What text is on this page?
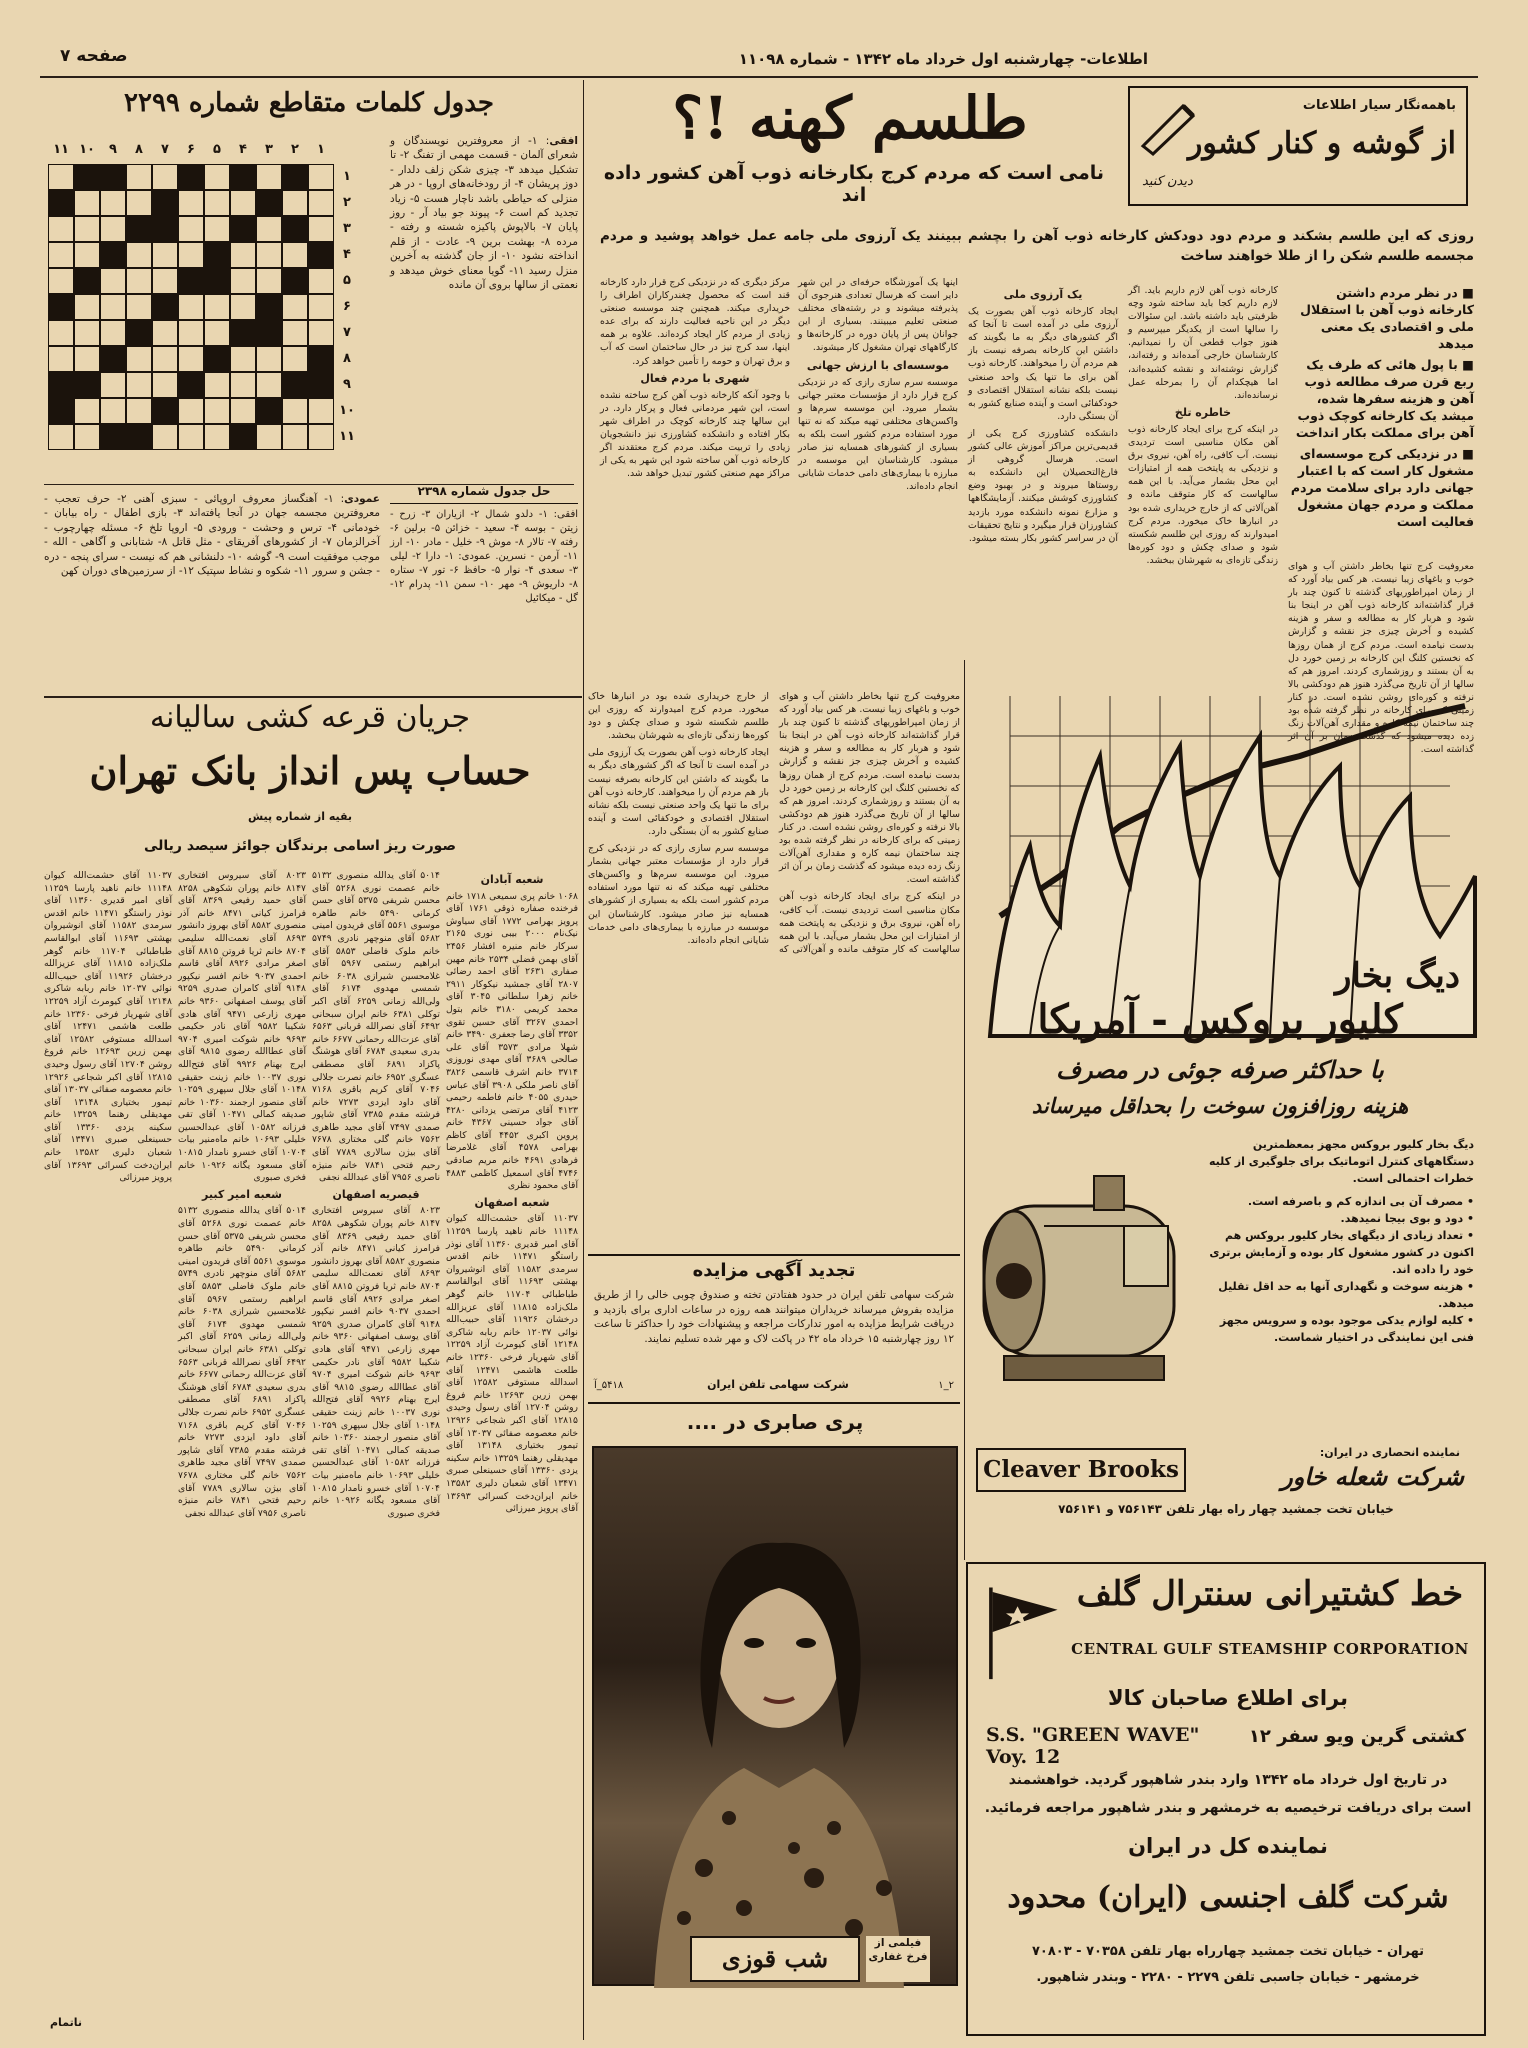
اطلاعات- چهارشنبه اول خرداد ماه ۱۳۴۲ - شماره ۱۱۰۹۸
صفحه ۷
باهمه‌نگار سیار اطلاعات
از گوشه و کنار کشور
دیدن کنید
طلسم کهنه !؟
نامی است که مردم کرج بکارخانه ذوب آهن کشور داده اند
روزی که این طلسم بشکند و مردم دود دودکش کارخانه ذوب آهن را بچشم ببینند یک آرزوی ملی جامه عمل خواهد پوشید و مردم مجسمه طلسم شکن را از طلا خواهند ساخت
■ در نظر مردم داشتن کارخانه ذوب آهن با استقلال ملی و اقتصادی یک معنی میدهد
■ با پول هائی که طرف یک ربع قرن صرف مطالعه ذوب آهن و هزینه سفرها شده، میشد یک کارخانه کوچک ذوب آهن برای مملکت بکار انداخت
■ در نزدیکی کرج موسسه‌ای مشغول کار است که با اعتبار جهانی دارد برای سلامت مردم مملکت و مردم جهان مشغول فعالیت است
معروفیت کرج تنها بخاطر داشتن آب و هوای خوب و باغهای زیبا نیست. هر کس بیاد آورد که از زمان امپراطوریهای گذشته تا کنون چند بار قرار گذاشته‌اند کارخانه ذوب آهن در اینجا بنا شود و هربار کار به مطالعه و سفر و هزینه کشیده و آخرش چیزی جز نقشه و گزارش بدست نیامده است. مردم کرج از همان روزها که نخستین کلنگ این کارخانه بر زمین خورد دل به آن بستند و روزشماری کردند. امروز هم که سالها از آن تاریخ می‌گذرد هنوز هم دودکشی بالا نرفته و کوره‌ای روشن نشده است. در کنار زمینی که برای کارخانه در نظر گرفته شده بود چند ساختمان نیمه کاره و مقداری آهن‌آلات زنگ زده دیده میشود که گذشت زمان بر آن اثر گذاشته است.

کارخانه ذوب آهن لازم داریم باید. اگر لازم داریم کجا باید ساخته شود وچه ظرفیتی باید داشته باشد. این سئوالات را سالها است از یکدیگر میپرسیم و هنوز جواب قطعی آن را نمیدانیم. کارشناسان خارجی آمده‌اند و رفته‌اند، گزارش نوشته‌اند و نقشه کشیده‌اند، اما هیچکدام آن را بمرحله عمل نرسانده‌اند.

خاطره تلخ

در اینکه کرج برای ایجاد کارخانه ذوب آهن مکان مناسبی است تردیدی نیست. آب کافی، راه آهن، نیروی برق و نزدیکی به پایتخت همه از امتیازات این محل بشمار می‌آید. با این همه سالهاست که کار متوقف مانده و آهن‌آلاتی که از خارج خریداری شده بود در انبارها خاک میخورد. مردم کرج امیدوارند که روزی این طلسم شکسته شود و صدای چکش و دود کوره‌ها زندگی تازه‌ای به شهرشان ببخشد.

یک آرزوی ملی

ایجاد کارخانه ذوب آهن بصورت یک آرزوی ملی در آمده است تا آنجا که اگر کشورهای دیگر به ما بگویند که داشتن این کارخانه بصرفه نیست باز هم مردم آن را میخواهند. کارخانه ذوب آهن برای ما تنها یک واحد صنعتی نیست بلکه نشانه استقلال اقتصادی و خودکفائی است و آینده صنایع کشور به آن بستگی دارد.

دانشکده کشاورزی کرج یکی از قدیمی‌ترین مراکز آموزش عالی کشور است. هرسال گروهی از فارغ‌التحصیلان این دانشکده به روستاها میروند و در بهبود وضع کشاورزی کوشش میکنند. آزمایشگاهها و مزارع نمونه دانشکده مورد بازدید کشاورزان قرار میگیرد و نتایج تحقیقات آن در سراسر کشور بکار بسته میشود.

اینها یک آموزشگاه حرفه‌ای در این شهر دایر است که هرسال تعدادی هنرجوی آن پذیرفته میشوند و در رشته‌های مختلف صنعتی تعلیم میبینند. بسیاری از این جوانان پس از پایان دوره در کارخانه‌ها و کارگاههای تهران مشغول کار میشوند.

موسسه‌ای با ارزش جهانی

موسسه سرم سازی رازی که در نزدیکی کرج قرار دارد از مؤسسات معتبر جهانی بشمار میرود. این موسسه سرم‌ها و واکسن‌های مختلفی تهیه میکند که نه تنها مورد استفاده مردم کشور است بلکه به بسیاری از کشورهای همسایه نیز صادر میشود. کارشناسان این موسسه در مبارزه با بیماری‌های دامی خدمات شایانی انجام داده‌اند.

مرکز دیگری که در نزدیکی کرج قرار دارد کارخانه قند است که محصول چغندرکاران اطراف را خریداری میکند. همچنین چند موسسه صنعتی دیگر در این ناحیه فعالیت دارند که برای عده زیادی از مردم کار ایجاد کرده‌اند. علاوه بر همه اینها، سد کرج نیز در حال ساختمان است که آب و برق تهران و حومه را تأمین خواهد کرد.

شهری با مردم فعال

با وجود آنکه کارخانه ذوب آهن کرج ساخته نشده است، این شهر مردمانی فعال و پرکار دارد. در این سالها چند کارخانه کوچک در اطراف شهر بکار افتاده و دانشکده کشاورزی نیز دانشجویان زیادی را تربیت میکند. مردم کرج معتقدند اگر کارخانه ذوب آهن ساخته شود این شهر به یکی از مراکز مهم صنعتی کشور تبدیل خواهد شد.

معروفیت کرج تنها بخاطر داشتن آب و هوای خوب و باغهای زیبا نیست. هر کس بیاد آورد که از زمان امپراطوریهای گذشته تا کنون چند بار قرار گذاشته‌اند کارخانه ذوب آهن در اینجا بنا شود و هربار کار به مطالعه و سفر و هزینه کشیده و آخرش چیزی جز نقشه و گزارش بدست نیامده است. مردم کرج از همان روزها که نخستین کلنگ این کارخانه بر زمین خورد دل به آن بستند و روزشماری کردند. امروز هم که سالها از آن تاریخ می‌گذرد هنوز هم دودکشی بالا نرفته و کوره‌ای روشن نشده است. در کنار زمینی که برای کارخانه در نظر گرفته شده بود چند ساختمان نیمه کاره و مقداری آهن‌آلات زنگ زده دیده میشود که گذشت زمان بر آن اثر گذاشته است.

در اینکه کرج برای ایجاد کارخانه ذوب آهن مکان مناسبی است تردیدی نیست. آب کافی، راه آهن، نیروی برق و نزدیکی به پایتخت همه از امتیازات این محل بشمار می‌آید. با این همه سالهاست که کار متوقف مانده و آهن‌آلاتی که از خارج خریداری شده بود در انبارها خاک میخورد. مردم کرج امیدوارند که روزی این طلسم شکسته شود و صدای چکش و دود کوره‌ها زندگی تازه‌ای به شهرشان ببخشد.

ایجاد کارخانه ذوب آهن بصورت یک آرزوی ملی در آمده است تا آنجا که اگر کشورهای دیگر به ما بگویند که داشتن این کارخانه بصرفه نیست باز هم مردم آن را میخواهند. کارخانه ذوب آهن برای ما تنها یک واحد صنعتی نیست بلکه نشانه استقلال اقتصادی و خودکفائی است و آینده صنایع کشور به آن بستگی دارد.

موسسه سرم سازی رازی که در نزدیکی کرج قرار دارد از مؤسسات معتبر جهانی بشمار میرود. این موسسه سرم‌ها و واکسن‌های مختلفی تهیه میکند که نه تنها مورد استفاده مردم کشور است بلکه به بسیاری از کشورهای همسایه نیز صادر میشود. کارشناسان این موسسه در مبارزه با بیماری‌های دامی خدمات شایانی انجام داده‌اند.

جدول کلمات متقاطع شماره ۲۲۹۹
۱
۲
۳
۴
۵
۶
۷
۸
۹
۱۰
۱۱
۱
۲
۳
۴
۵
۶
۷
۸
۹
۱۰
۱۱
افقی: ۱- از معروفترین نویسندگان و شعرای آلمان - قسمت مهمی از تفنگ ۲- تا تشکیل میدهد ۳- چیزی شکن زلف دلدار - دوز پریشان ۴- از رودخانه‌های اروپا - در هر منزلی که حیاطی باشد ناچار هست ۵- زیاد تجدید کم است ۶- پیوند جو بیاد آر - روز پایان ۷- بالاپوش پاکیزه شسته و رفته - مرده ۸- بهشت برین ۹- عادت - از قلم انداخته نشود ۱۰- از جان گذشته به آخرین منزل رسید ۱۱- گویا معنای خوش میدهد و نعمتی از سالها بروی آن مانده
عمودی: ۱- آهنگساز معروف اروپائی - سبزی آهنی ۲- حرف تعجب - معروفترین مجسمه جهان در آنجا یافته‌اند ۳- بازی اطفال - راه بیابان - خودمانی ۴- ترس و وحشت - ورودی ۵- اروپا تلخ ۶- مسئله چهارچوب - آخرالزمان ۷- از کشورهای آفریقای - مثل قاتل ۸- شتابانی و آگاهی - الله - موجب موفقیت است ۹- گوشه ۱۰- دلنشانی هم که نیست - سرای پنجه - دره - جشن و سرور ۱۱- شکوه و نشاط سپتیک ۱۲- از سرزمین‌های دوران کهن
حل جدول شماره ۲۳۹۸
افقی: ۱- دلدو شمال ۲- ازیاران ۳- زرح - زیتن - بوسه ۴- سعید - خزائن ۵- برلین ۶- رفته ۷- تالار ۸- موش ۹- خلیل - مادر ۱۰- ارز ۱۱- آرمن - نسرین. عمودی: ۱- دارا ۲- لیلی ۳- سعدی ۴- نوار ۵- حافظ ۶- تور ۷- ستاره ۸- داریوش ۹- مهر ۱۰- سمن ۱۱- پدرام ۱۲- گل - میکائیل
جریان قرعه کشی سالیانه
حساب پس انداز بانک تهران
بقیه از شماره پیش
صورت ریز اسامی برندگان جوائز سیصد ریالی
۱۱۰۳۷ آقای حشمت‌الله کیوان ۱۱۱۴۸ خانم ناهید پارسا ۱۱۲۵۹ آقای امیر قدیری ۱۱۳۶۰ آقای نوذر راستگو ۱۱۴۷۱ خانم اقدس سرمدی ۱۱۵۸۲ آقای انوشیروان بهشتی ۱۱۶۹۳ آقای ابوالقاسم طباطبائی ۱۱۷۰۴ خانم گوهر ملک‌زاده ۱۱۸۱۵ آقای عزیزالله درخشان ۱۱۹۲۶ آقای حبیب‌الله نوائی ۱۲۰۳۷ خانم ربابه شاکری ۱۲۱۴۸ آقای کیومرث آزاد ۱۲۲۵۹ آقای شهریار فرخی ۱۲۳۶۰ خانم طلعت هاشمی ۱۲۴۷۱ آقای اسدالله مستوفی ۱۲۵۸۲ آقای بهمن زرین ۱۲۶۹۳ خانم فروغ روشن ۱۲۷۰۴ آقای رسول وحیدی ۱۲۸۱۵ آقای اکبر شجاعی ۱۲۹۲۶ خانم معصومه صفائی ۱۳۰۳۷ آقای تیمور بختیاری ۱۳۱۴۸ آقای مهدیقلی رهنما ۱۳۲۵۹ خانم سکینه یزدی ۱۳۳۶۰ آقای حسینعلی صبری ۱۳۴۷۱ آقای شعبان دلیری ۱۳۵۸۲ خانم ایران‌دخت کسرائی ۱۳۶۹۳ آقای پرویز میرزائی
۸۰۲۳ آقای سیروس افتخاری ۸۱۴۷ خانم پوران شکوهی ۸۲۵۸ آقای حمید رفیعی ۸۳۶۹ آقای فرامرز کیانی ۸۴۷۱ خانم آذر منصوری ۸۵۸۲ آقای بهروز دانشور ۸۶۹۳ آقای نعمت‌الله سلیمی ۸۷۰۴ خانم ثریا فروتن ۸۸۱۵ آقای اصغر مرادی ۸۹۲۶ آقای قاسم احمدی ۹۰۳۷ خانم افسر نیکپور ۹۱۴۸ آقای کامران صدری ۹۲۵۹ آقای یوسف اصفهانی ۹۳۶۰ خانم مهری زارعی ۹۴۷۱ آقای هادی شکیبا ۹۵۸۲ آقای نادر حکیمی ۹۶۹۳ خانم شوکت امیری ۹۷۰۴ آقای عطاالله رضوی ۹۸۱۵ آقای ایرج بهنام ۹۹۲۶ آقای فتح‌الله نوری ۱۰۰۳۷ خانم زینت حقیقی ۱۰۱۴۸ آقای جلال سپهری ۱۰۲۵۹ آقای منصور ارجمند ۱۰۳۶۰ خانم صدیقه کمالی ۱۰۴۷۱ آقای تقی فرزانه ۱۰۵۸۲ آقای عبدالحسین خلیلی ۱۰۶۹۳ خانم ماه‌منیر بیات ۱۰۷۰۴ آقای خسرو نامدار ۱۰۸۱۵ آقای مسعود یگانه ۱۰۹۲۶ خانم فخری صبوری
شعبه امیر کبیر
۵۰۱۴ آقای یدالله منصوری ۵۱۳۲ خانم عصمت نوری ۵۲۶۸ آقای محسن شریفی ۵۳۷۵ آقای حسن کرمانی ۵۴۹۰ خانم طاهره موسوی ۵۵۶۱ آقای فریدون امینی ۵۶۸۲ آقای منوچهر نادری ۵۷۴۹ خانم ملوک فاضلی ۵۸۵۳ آقای ابراهیم رستمی ۵۹۶۷ آقای غلامحسین شیرازی ۶۰۳۸ خانم شمسی مهدوی ۶۱۷۴ آقای ولی‌الله زمانی ۶۲۵۹ آقای اکبر توکلی ۶۳۸۱ خانم ایران سبحانی ۶۴۹۲ آقای نصرالله قربانی ۶۵۶۳ آقای عزت‌الله رحمانی ۶۶۷۷ خانم بدری سعیدی ۶۷۸۴ آقای هوشنگ پاکزاد ۶۸۹۱ آقای مصطفی عسگری ۶۹۵۲ خانم نصرت جلالی ۷۰۴۶ آقای کریم باقری ۷۱۶۸ آقای داود ایزدی ۷۲۷۳ خانم فرشته مقدم ۷۳۸۵ آقای شاپور صمدی ۷۴۹۷ آقای مجید طاهری ۷۵۶۲ خانم گلی مختاری ۷۶۷۸ آقای بیژن سالاری ۷۷۸۹ آقای رحیم فتحی ۷۸۴۱ خانم منیژه ناصری ۷۹۵۶ آقای عبدالله نجفی
۵۰۱۴ آقای یدالله منصوری ۵۱۳۲ خانم عصمت نوری ۵۲۶۸ آقای محسن شریفی ۵۳۷۵ آقای حسن کرمانی ۵۴۹۰ خانم طاهره موسوی ۵۵۶۱ آقای فریدون امینی ۵۶۸۲ آقای منوچهر نادری ۵۷۴۹ خانم ملوک فاضلی ۵۸۵۳ آقای ابراهیم رستمی ۵۹۶۷ آقای غلامحسین شیرازی ۶۰۳۸ خانم شمسی مهدوی ۶۱۷۴ آقای ولی‌الله زمانی ۶۲۵۹ آقای اکبر توکلی ۶۳۸۱ خانم ایران سبحانی ۶۴۹۲ آقای نصرالله قربانی ۶۵۶۳ آقای عزت‌الله رحمانی ۶۶۷۷ خانم بدری سعیدی ۶۷۸۴ آقای هوشنگ پاکزاد ۶۸۹۱ آقای مصطفی عسگری ۶۹۵۲ خانم نصرت جلالی ۷۰۴۶ آقای کریم باقری ۷۱۶۸ آقای داود ایزدی ۷۲۷۳ خانم فرشته مقدم ۷۳۸۵ آقای شاپور صمدی ۷۴۹۷ آقای مجید طاهری ۷۵۶۲ خانم گلی مختاری ۷۶۷۸ آقای بیژن سالاری ۷۷۸۹ آقای رحیم فتحی ۷۸۴۱ خانم منیژه ناصری ۷۹۵۶ آقای عبدالله نجفی
قیصریه اصفهان
۸۰۲۳ آقای سیروس افتخاری ۸۱۴۷ خانم پوران شکوهی ۸۲۵۸ آقای حمید رفیعی ۸۳۶۹ آقای فرامرز کیانی ۸۴۷۱ خانم آذر منصوری ۸۵۸۲ آقای بهروز دانشور ۸۶۹۳ آقای نعمت‌الله سلیمی ۸۷۰۴ خانم ثریا فروتن ۸۸۱۵ آقای اصغر مرادی ۸۹۲۶ آقای قاسم احمدی ۹۰۳۷ خانم افسر نیکپور ۹۱۴۸ آقای کامران صدری ۹۲۵۹ آقای یوسف اصفهانی ۹۳۶۰ خانم مهری زارعی ۹۴۷۱ آقای هادی شکیبا ۹۵۸۲ آقای نادر حکیمی ۹۶۹۳ خانم شوکت امیری ۹۷۰۴ آقای عطاالله رضوی ۹۸۱۵ آقای ایرج بهنام ۹۹۲۶ آقای فتح‌الله نوری ۱۰۰۳۷ خانم زینت حقیقی ۱۰۱۴۸ آقای جلال سپهری ۱۰۲۵۹ آقای منصور ارجمند ۱۰۳۶۰ خانم صدیقه کمالی ۱۰۴۷۱ آقای تقی فرزانه ۱۰۵۸۲ آقای عبدالحسین خلیلی ۱۰۶۹۳ خانم ماه‌منیر بیات ۱۰۷۰۴ آقای خسرو نامدار ۱۰۸۱۵ آقای مسعود یگانه ۱۰۹۲۶ خانم فخری صبوری
شعبه آبادان
۱۰۶۸ خانم پری سمیعی ۱۷۱۸ خانم فرخنده صفاره ذوقی ۱۷۶۱ آقای پرویز بهرامی ۱۷۷۲ آقای سیاوش نیک‌نام ۲۰۰۰ بیبی نوری ۲۱۶۵ سرکار خانم منیره افشار ۲۴۵۶ آقای بهمن فضلی ۲۵۳۴ خانم مهین صفاری ۲۶۳۱ آقای احمد رضائی ۲۸۰۷ آقای جمشید نیکوکار ۲۹۱۱ خانم زهرا سلطانی ۳۰۴۵ آقای محمد کریمی ۳۱۸۰ خانم بتول احمدی ۳۲۶۷ آقای حسین تقوی ۳۳۵۲ آقای رضا جعفری ۳۴۹۰ خانم شهلا مرادی ۳۵۷۳ آقای علی صالحی ۳۶۸۹ آقای مهدی نوروزی ۳۷۱۴ خانم اشرف قاسمی ۳۸۲۶ آقای ناصر ملکی ۳۹۰۸ آقای عباس حیدری ۴۰۵۵ خانم فاطمه رحیمی ۴۱۲۳ آقای مرتضی یزدانی ۴۲۸۰ آقای جواد حسینی ۴۳۶۷ خانم پروین اکبری ۴۴۵۲ آقای کاظم بهرامی ۴۵۷۸ آقای غلامرضا فرهادی ۴۶۹۱ خانم مریم صادقی ۴۷۴۶ آقای اسمعیل کاظمی ۴۸۸۳ آقای محمود نظری
شعبه اصفهان
۱۱۰۳۷ آقای حشمت‌الله کیوان ۱۱۱۴۸ خانم ناهید پارسا ۱۱۲۵۹ آقای امیر قدیری ۱۱۳۶۰ آقای نوذر راستگو ۱۱۴۷۱ خانم اقدس سرمدی ۱۱۵۸۲ آقای انوشیروان بهشتی ۱۱۶۹۳ آقای ابوالقاسم طباطبائی ۱۱۷۰۴ خانم گوهر ملک‌زاده ۱۱۸۱۵ آقای عزیزالله درخشان ۱۱۹۲۶ آقای حبیب‌الله نوائی ۱۲۰۳۷ خانم ربابه شاکری ۱۲۱۴۸ آقای کیومرث آزاد ۱۲۲۵۹ آقای شهریار فرخی ۱۲۳۶۰ خانم طلعت هاشمی ۱۲۴۷۱ آقای اسدالله مستوفی ۱۲۵۸۲ آقای بهمن زرین ۱۲۶۹۳ خانم فروغ روشن ۱۲۷۰۴ آقای رسول وحیدی ۱۲۸۱۵ آقای اکبر شجاعی ۱۲۹۲۶ خانم معصومه صفائی ۱۳۰۳۷ آقای تیمور بختیاری ۱۳۱۴۸ آقای مهدیقلی رهنما ۱۳۲۵۹ خانم سکینه یزدی ۱۳۳۶۰ آقای حسینعلی صبری ۱۳۴۷۱ آقای شعبان دلیری ۱۳۵۸۲ خانم ایران‌دخت کسرائی ۱۳۶۹۳ آقای پرویز میرزائی
ناتمام
تجدید آگهی مزایده
شرکت سهامی تلفن ایران در حدود هفتادتن تخته و صندوق چوبی خالی را از طریق مزایده بفروش میرساند خریداران میتوانند همه روزه در ساعات اداری برای بازدید و دریافت شرایط مزایده به امور تدارکات مراجعه و پیشنهادات خود را حداکثر تا ساعت ۱۲ روز چهارشنبه ۱۵ خرداد ماه ۴۲ در پاکت لاک و مهر شده تسلیم نمایند.
۲_۱
شرکت سهامی تلفن ایران
۵۴۱۸_آ
پری صابری در ....
شب قوزی
فیلمی از فرخ غفاری
دیگ بخار
کلیور بروکس - آمریکا
با حداکثر صرفه جوئی در مصرف
هزینه روزافزون سوخت را بحداقل میرساند
دیگ بخار کلیور بروکس مجهز بمعظمترین دستگاههای کنترل اتوماتیک برای جلوگیری از کلیه خطرات احتمالی است.
• مصرف آن بی اندازه کم و باصرفه است.
• دود و بوی بیجا نمیدهد.
• تعداد زیادی از دیگهای بخار کلیور بروکس هم اکنون در کشور مشغول کار بوده و آزمایش برتری خود را داده اند.
• هزینه سوخت و نگهداری آنها به حد اقل تقلیل میدهد.
• کلیه لوازم یدکی موجود بوده و سرویس مجهز فنی این نمایندگی در اختیار شماست.
نماینده انحصاری در ایران:
شرکت شعله خاور
Cleaver Brooks
خیابان تخت جمشید چهار راه بهار تلفن ۷۵۶۱۴۳ و ۷۵۶۱۴۱
خط کشتیرانی سنترال گلف
CENTRAL GULF STEAMSHIP CORPORATION
برای اطلاع صاحبان کالا
S.S. "GREEN WAVE" Voy. 12
کشتی گرین ویو سفر ۱۲
در تاریخ اول خرداد ماه ۱۳۴۲ وارد بندر شاهپور گردید. خواهشمند
است برای دریافت ترخیصیه به خرمشهر و بندر شاهپور مراجعه فرمائید.
نماینده کل در ایران
شرکت گلف اجنسی (ایران) محدود
تهران - خیابان تخت جمشید چهارراه بهار تلفن ۷۰۳۵۸ - ۷۰۸۰۳
خرمشهر - خیابان جاسبی تلفن ۲۲۷۹ - ۲۲۸۰ - وبندر شاهپور.
